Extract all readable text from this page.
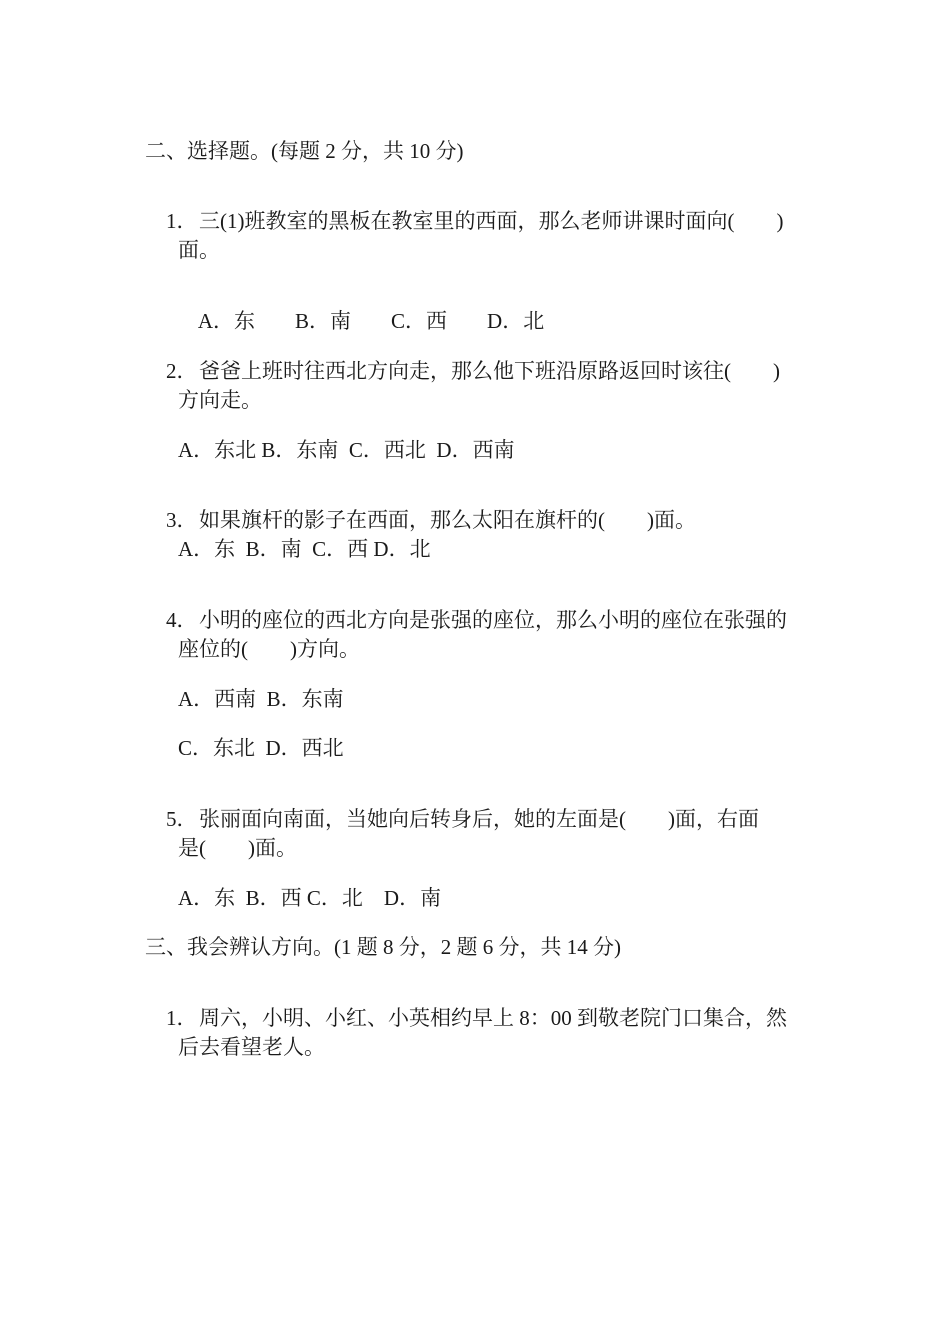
二、选择题。(每题 2 分，共 10 分)

1．三(1)班教室的黑板在教室里的西面，那么老师讲课时面向(        )

面。

A．东 B．南 C．西 D．北

2．爸爸上班时往西北方向走，那么他下班沿原路返回时该往(        )

方向走。
A．东北 B．东南  C．西北  D．西南

3．如果旗杆的影子在西面，那么太阳在旗杆的(        )面。

A．东  B．南  C．西 D．北

4．小明的座位的西北方向是张强的座位，那么小明的座位在张强的

座位的(        )方向。
A．西南  B．东南
C．东北  D．西北

5．张丽面向南面，当她向后转身后，她的左面是(        )面，右面

是(        )面。
A．东  B．西 C．北    D．南
三、我会辨认方向。(1 题 8 分，2 题 6 分，共 14 分)

1．周六，小明、小红、小英相约早上 8：00 到敬老院门口集合，然

后去看望老人。
